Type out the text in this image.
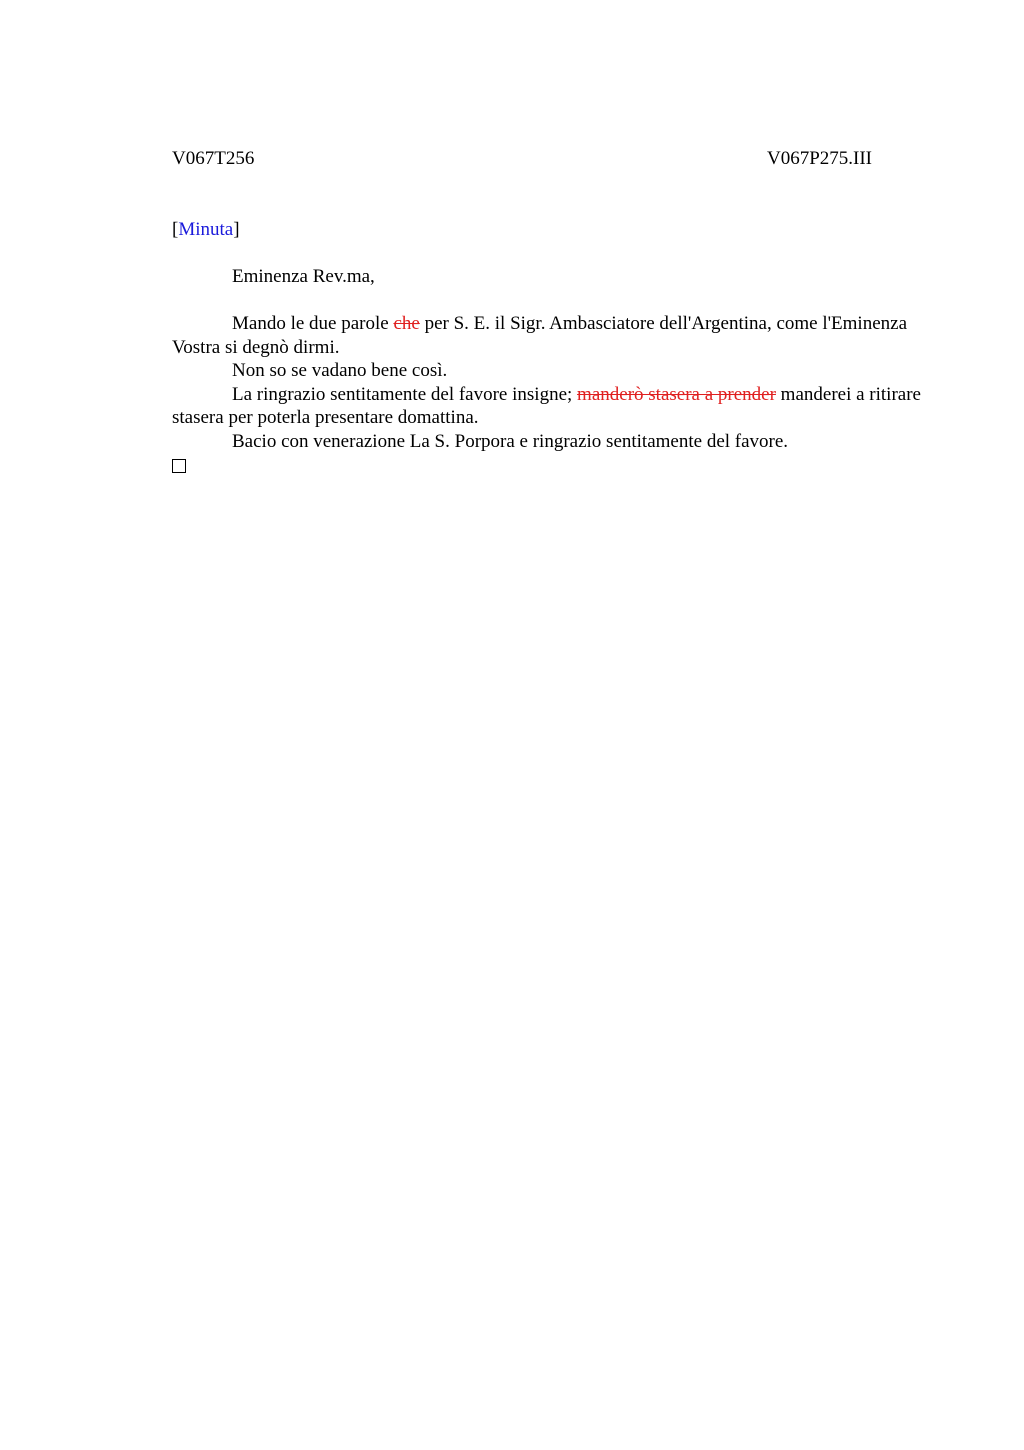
V067T256	V067P275.III
[Minuta]

Eminenza Rev.ma,

Mando le due parole che per S. E. il Sigr. Ambasciatore dell'Argentina, come l'Eminenza Vostra si degnò dirmi.

Non so se vadano bene così.

La ringrazio sentitamente del favore insigne; manderò stasera a prender manderei a ritirare stasera per poterla presentare domattina.

Bacio con venerazione La S. Porpora e ringrazio sentitamente del favore.
